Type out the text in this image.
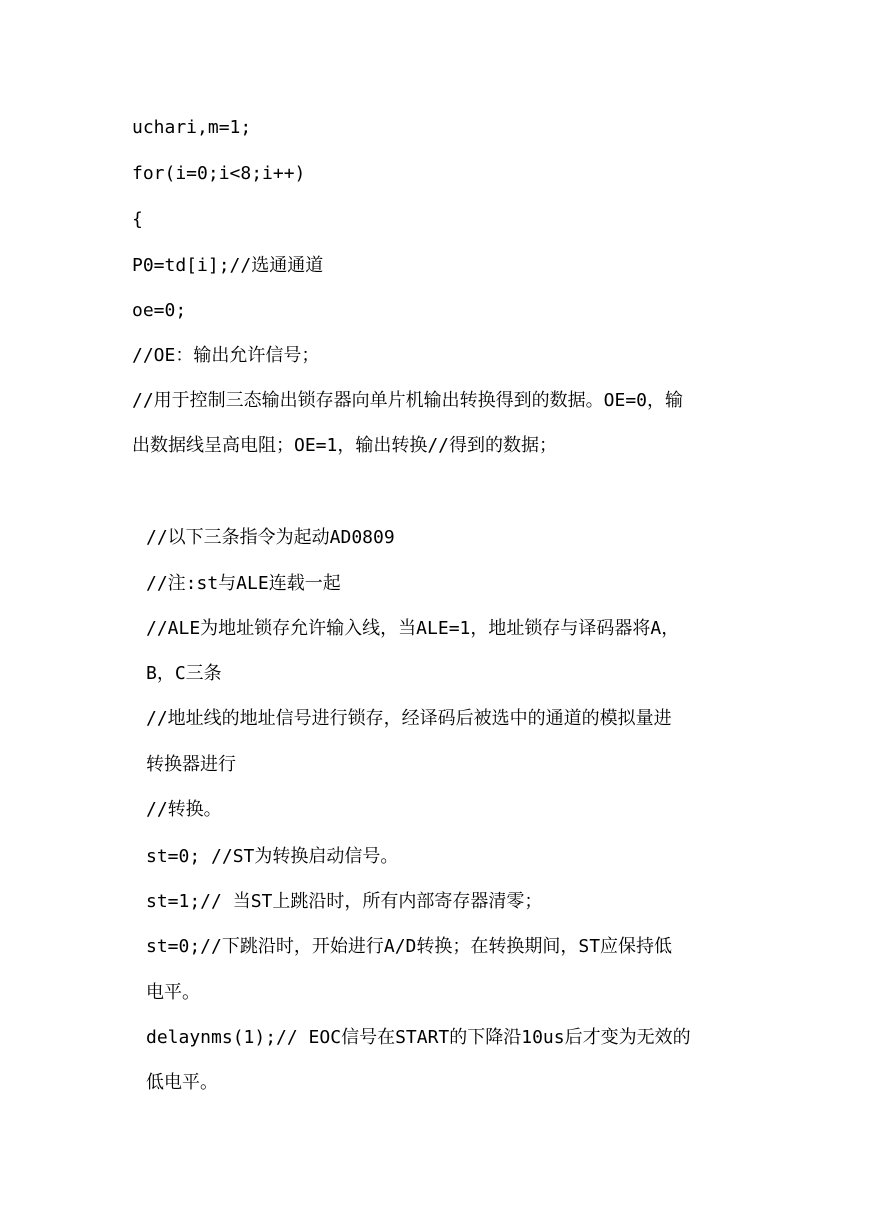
uchari,m=1;
for(i=0;i<8;i++)
{
P0=td[i];//选通通道
oe=0;
//OE：输出允许信号；
//用于控制三态输出锁存器向单片机输出转换得到的数据。OE=0，输
出数据线呈高电阻；OE=1，输出转换//得到的数据；
//以下三条指令为起动AD0809
//注:st与ALE连载一起
//ALE为地址锁存允许输入线，当ALE=1，地址锁存与译码器将A，
B，C三条
//地址线的地址信号进行锁存，经译码后被选中的通道的模拟量进
转换器进行
//转换。
st=0; //ST为转换启动信号。
st=1;// 当ST上跳沿时，所有内部寄存器清零；
st=0;//下跳沿时，开始进行A/D转换；在转换期间，ST应保持低
电平。
delaynms(1);// EOC信号在START的下降沿10us后才变为无效的
低电平。
